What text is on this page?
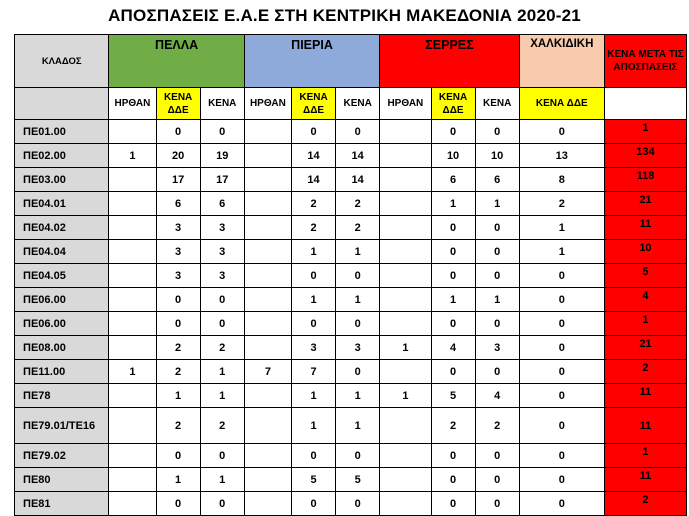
ΑΠΟΣΠΑΣΕΙΣ Ε.Α.Ε ΣΤΗ ΚΕΝΤΡΙΚΗ ΜΑΚΕΔΟΝΙΑ 2020-21
ΚΛΑΔΟΣ	ΠΕΛΛΑ			ΠΙΕΡΙΑ			ΣΕΡΡΕΣ			ΧΑΛΚΙΔΙΚΗ	ΚΕΝΑ ΜΕΤΑ ΤΙΣ ΑΠΟΣΠΑΣΕΙΣ
	ΗΡΘΑΝ	ΚΕΝΑ ΔΔΕ	ΚΕΝΑ	ΗΡΘΑΝ	ΚΕΝΑ ΔΔΕ	ΚΕΝΑ	ΗΡΘΑΝ	ΚΕΝΑ ΔΔΕ	ΚΕΝΑ	ΚΕΝΑ ΔΔΕ	
ΠΕ01.00		0	0		0	0		0	0	0	1
ΠΕ02.00	1	20	19		14	14		10	10	13	134
ΠΕ03.00		17	17		14	14		6	6	8	118
ΠΕ04.01		6	6		2	2		1	1	2	21
ΠΕ04.02		3	3		2	2		0	0	1	11
ΠΕ04.04		3	3		1	1		0	0	1	10
ΠΕ04.05		3	3		0	0		0	0	0	5
ΠΕ06.00		0	0		1	1		1	1	0	4
ΠΕ06.00		0	0		0	0		0	0	0	1
ΠΕ08.00		2	2		3	3	1	4	3	0	21
ΠΕ11.00	1	2	1	7	7	0		0	0	0	2
ΠΕ78		1	1		1	1	1	5	4	0	11
ΠΕ79.01/ΤΕ16		2	2		1	1		2	2	0	11
ΠΕ79.02		0	0		0	0		0	0	0	1
ΠΕ80		1	1		5	5		0	0	0	11
ΠΕ81		0	0		0	0		0	0	0	2
